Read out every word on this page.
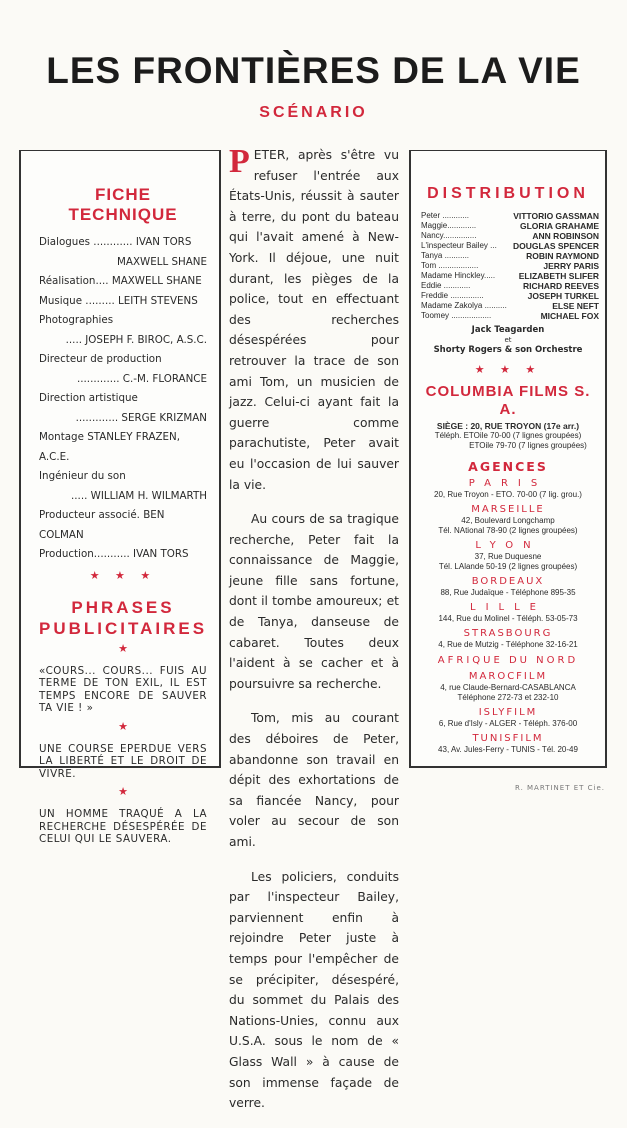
LES FRONTIÈRES DE LA VIE
SCÉNARIO
FICHE TECHNIQUE
Dialogues ............ IVAN TORS
MAXWELL SHANE
Réalisation.... MAXWELL SHANE
Musique ......... LEITH STEVENS
Photographies
..... JOSEPH F. BIROC, A.S.C.
Directeur de production
............. C.-M. FLORANCE
Direction artistique
............. SERGE KRIZMAN
Montage STANLEY FRAZEN, A.C.E.
Ingénieur du son
..... WILLIAM H. WILMARTH
Producteur associé. BEN COLMAN
Production........... IVAN TORS
★ ★ ★
PHRASES
PUBLICITAIRES
★
«COURS... COURS... FUIS AU TERME DE TON EXIL, IL EST TEMPS ENCORE DE SAUVER TA VIE ! »
★
UNE COURSE EPERDUE VERS LA LIBERTÉ ET LE DROIT DE VIVRE.
★
UN HOMME TRAQUÉ A LA RECHERCHE DÉSESPÉRÉE DE CELUI QUI LE SAUVERA.

PETER, après s'être vu refuser l'entrée aux États-Unis, réussit à sauter à terre, du pont du bateau qui l'avait amené à New-York. Il déjoue, une nuit durant, les pièges de la police, tout en effectuant des recherches désespérées pour retrouver la trace de son ami Tom, un musicien de jazz. Celui-ci ayant fait la guerre comme parachutiste, Peter avait eu l'occasion de lui sauver la vie.

Au cours de sa tragique recherche, Peter fait la connaissance de Maggie, jeune fille sans fortune, dont il tombe amoureux; et de Tanya, danseuse de cabaret. Toutes deux l'aident à se cacher et à poursuivre sa recherche.

Tom, mis au courant des déboires de Peter, abandonne son travail en dépit des exhortations de sa fiancée Nancy, pour voler au secour de son ami.

Les policiers, conduits par l'inspecteur Bailey, parviennent enfin à rejoindre Peter juste à temps pour l'empêcher de se précipiter, désespéré, du sommet du Palais des Nations-Unies, connu aux U.S.A. sous le nom de « Glass Wall » à cause de son immense façade de verre.

DISTRIBUTION
Peter ............	VITTORIO GASSMAN
Maggie.............	GLORIA GRAHAME
Nancy...............	ANN ROBINSON
L'inspecteur Bailey ... DOUGLAS SPENCER
Tanya ...........	ROBIN RAYMOND
Tom ..................	JERRY PARIS
Madame Hinckley.....	ELIZABETH SLIFER
Eddie ............	RICHARD REEVES
Freddie ...............	JOSEPH TURKEL
Madame Zakolya ..........	ELSE NEFT
Toomey ..................	MICHAEL FOX
Jack Teagarden
et
Shorty Rogers & son Orchestre
★ ★ ★
COLUMBIA FILMS S. A.
SIÈGE : 20, RUE TROYON (17e arr.)
Téléph. ETOile 70-00 (7 lignes groupées)
ETOile 79-70 (7 lignes groupées)
AGENCES
PARIS
20, Rue Troyon - ETO. 70-00 (7 lig. grou.)
MARSEILLE
42, Boulevard Longchamp
Tél. NAtional 78-90 (2 lignes groupées)
LYON
37, Rue Duquesne
Tél. LAlande 50-19 (2 lignes groupées)
BORDEAUX
88, Rue Judaïque - Téléphone 895-35
LILLE
144, Rue du Molinel - Téléph. 53-05-73
STRASBOURG
4, Rue de Mutzig - Téléphone 32-16-21
AFRIQUE DU NORD
MAROCFILM
4, rue Claude-Bernard-CASABLANCA
Téléphone 272-73 et 232-10
ISLYFILM
6, Rue d'Isly - ALGER - Téléph. 376-00
TUNISFILM
43, Av. Jules-Ferry - TUNIS - Tél. 20-49
R. MARTINET ET Cie.
